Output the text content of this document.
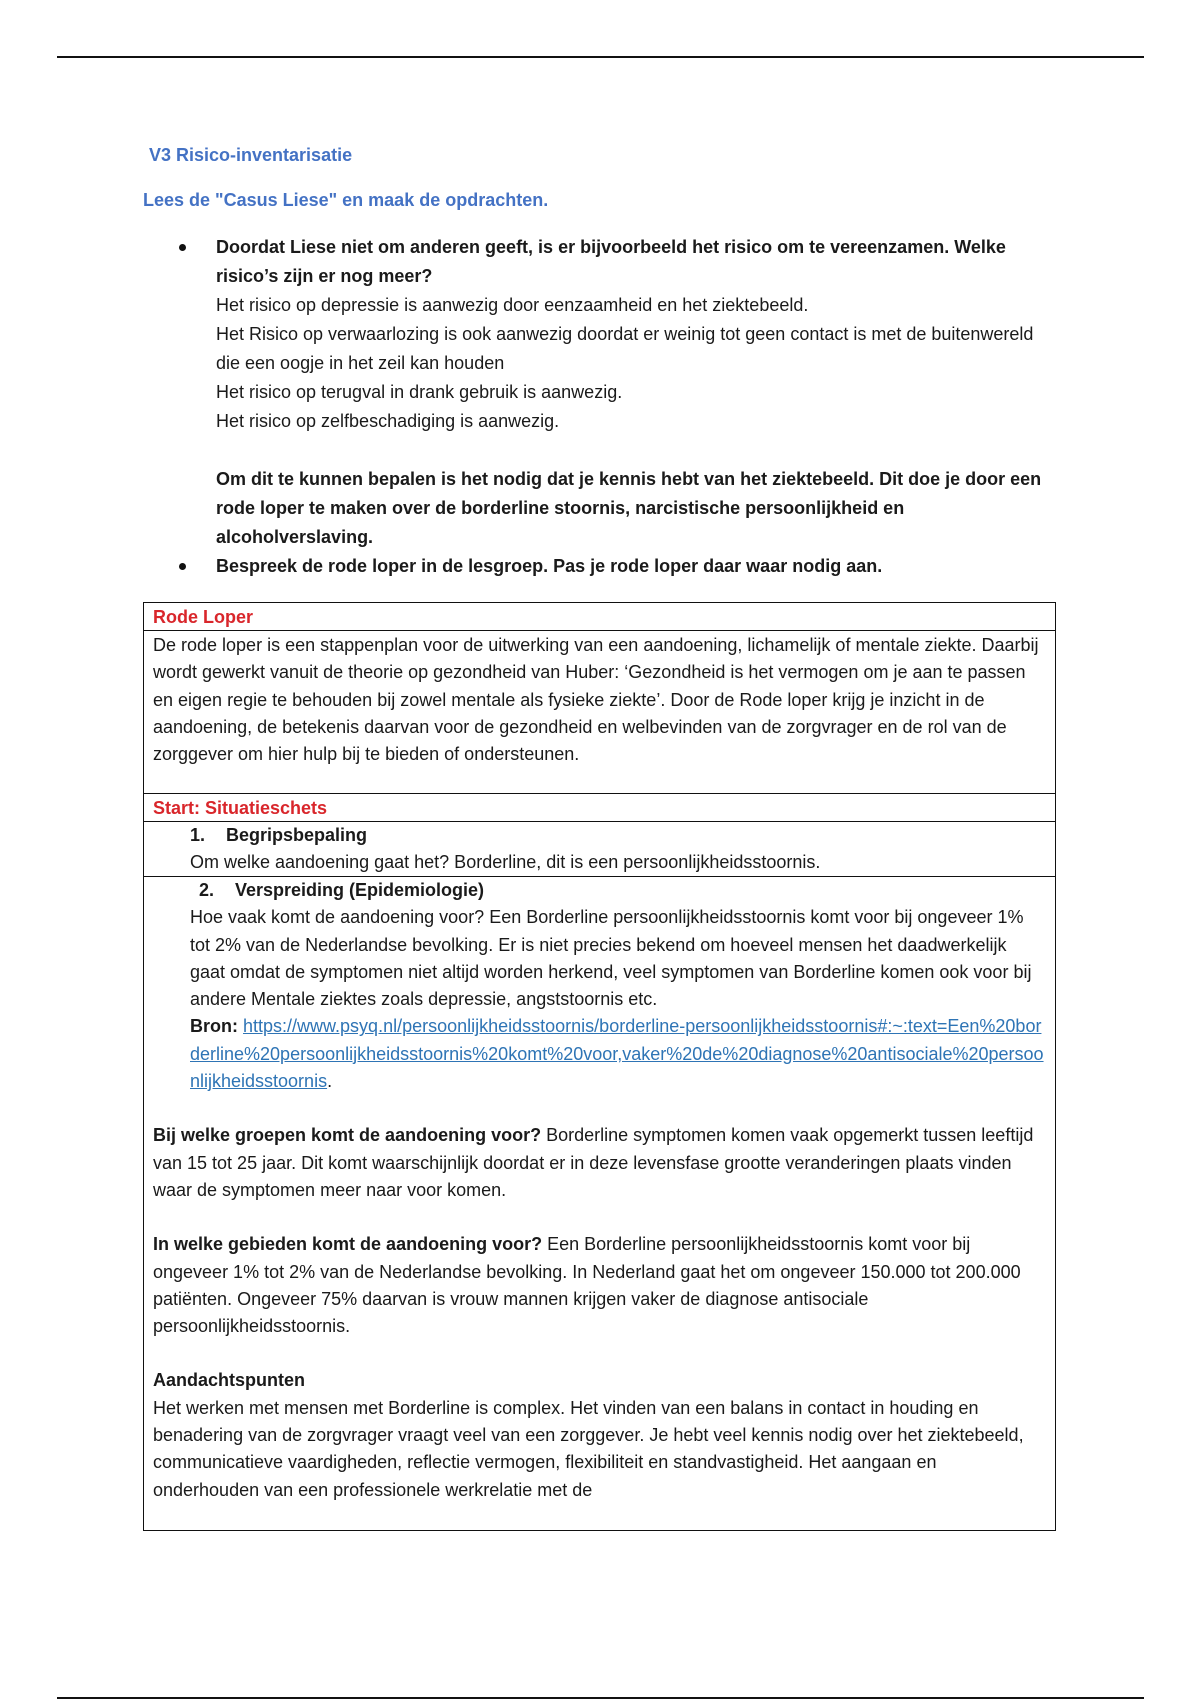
V3 Risico-inventarisatie
Lees de "Casus Liese" en maak de opdrachten.
Doordat Liese niet om anderen geeft, is er bijvoorbeeld het risico om te vereenzamen. Welke risico’s zijn er nog meer?
Het risico op depressie is aanwezig door eenzaamheid en het ziektebeeld.
Het Risico op verwaarlozing is ook aanwezig doordat er weinig tot geen contact is met de buitenwereld die een oogje in het zeil kan houden
Het risico op terugval in drank gebruik is aanwezig.
Het risico op zelfbeschadiging is aanwezig.
Om dit te kunnen bepalen is het nodig dat je kennis hebt van het ziektebeeld. Dit doe je door een rode loper te maken over de borderline stoornis, narcistische persoonlijkheid en alcoholverslaving.
Bespreek de rode loper in de lesgroep. Pas je rode loper daar waar nodig aan.
Rode Loper
De rode loper is een stappenplan voor de uitwerking van een aandoening, lichamelijk of mentale ziekte. Daarbij wordt gewerkt vanuit de theorie op gezondheid van Huber: ‘Gezondheid is het vermogen om je aan te passen en eigen regie te behouden bij zowel mentale als fysieke ziekte’. Door de Rode loper krijg je inzicht in de aandoening, de betekenis daarvan voor de gezondheid en welbevinden van de zorgvrager en de rol van de zorggever om hier hulp bij te bieden of ondersteunen.
Start: Situatieschets
1. Begripsbepaling
Om welke aandoening gaat het? Borderline, dit is een persoonlijkheidsstoornis.
2. Verspreiding (Epidemiologie)
Hoe vaak komt de aandoening voor? Een Borderline persoonlijkheidsstoornis komt voor bij ongeveer 1% tot 2% van de Nederlandse bevolking. Er is niet precies bekend om hoeveel mensen het daadwerkelijk gaat omdat de symptomen niet altijd worden herkend, veel symptomen van Borderline komen ook voor bij andere Mentale ziektes zoals depressie, angststoornis etc.
Bron: https://www.psyq.nl/persoonlijkheidsstoornis/borderline-persoonlijkheidsstoornis#:~:text=Een%20borderline%20persoonlijkheidsstoornis%20komt%20voor,vaker%20de%20diagnose%20antisociale%20persoonlijkheidsstoornis.
Bij welke groepen komt de aandoening voor? Borderline symptomen komen vaak opgemerkt tussen leeftijd van 15 tot 25 jaar. Dit komt waarschijnlijk doordat er in deze levensfase grootte veranderingen plaats vinden waar de symptomen meer naar voor komen.
In welke gebieden komt de aandoening voor? Een Borderline persoonlijkheidsstoornis komt voor bij ongeveer 1% tot 2% van de Nederlandse bevolking. In Nederland gaat het om ongeveer 150.000 tot 200.000 patiënten. Ongeveer 75% daarvan is vrouw mannen krijgen vaker de diagnose antisociale persoonlijkheidsstoornis.
Aandachtspunten
Het werken met mensen met Borderline is complex. Het vinden van een balans in contact in houding en benadering van de zorgvrager vraagt veel van een zorggever. Je hebt veel kennis nodig over het ziektebeeld, communicatieve vaardigheden, reflectie vermogen, flexibiliteit en standvastigheid. Het aangaan en onderhouden van een professionele werkrelatie met de
